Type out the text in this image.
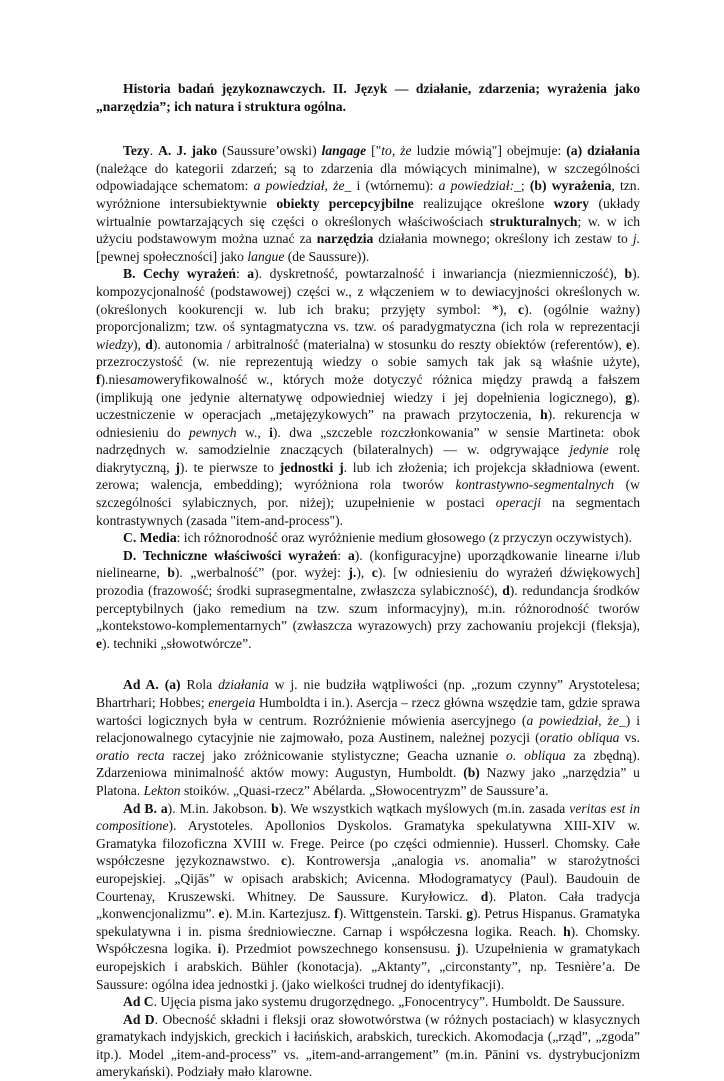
Historia badań językoznawczych. II. Język — działanie, zdarzenia; wyrażenia jako „narzędzia”; ich natura i struktura ogólna.

Tezy. A. J. jako (Saussure’owski) langage ["to, że ludzie mówią"] obejmuje: (a) działania (należące do kategorii zdarzeń; są to zdarzenia dla mówiących minimalne), w szczególności odpowiadające schematom: a powiedział, że_ i (wtórnemu): a powiedział:_; (b) wyrażenia, tzn. wyróżnione intersubiektywnie obiekty percepcyjbilne realizujące określone wzory (układy wirtualnie powtarzających się części o określonych właściwościach strukturalnych; w. w ich użyciu podstawowym można uznać za narzędzia działania mownego; określony ich zestaw to j. [pewnej społeczności] jako langue (de Saussure)).

B. Cechy wyrażeń: a). dyskretność, powtarzalność i inwariancja (niezmienniczość), b). kompozycjonalność (podstawowej) części w., z włączeniem w to dewiacyjności określonych w. (określonych kookurencji w. lub ich braku; przyjęty symbol: *), c). (ogólnie ważny) proporcjonalizm; tzw. oś syntagmatyczna vs. tzw. oś paradygmatyczna (ich rola w reprezentacji wiedzy), d). autonomia / arbitralność (materialna) w stosunku do reszty obiektów (referentów), e). przezroczystość (w. nie reprezentują wiedzy o sobie samych tak jak są właśnie użyte), f).niesamoweryfikowalność w., których może dotyczyć różnica między prawdą a fałszem (implikują one jedynie alternatywę odpowiedniej wiedzy i jej dopełnienia logicznego), g). uczestniczenie w operacjach „metajęzykowych” na prawach przytoczenia, h). rekurencja w odniesieniu do pewnych w., i). dwa „szczeble rozczłonkowania” w sensie Martineta: obok nadrzędnych w. samodzielnie znaczących (bilateralnych) — w. odgrywające jedynie rolę diakrytyczną, j). te pierwsze to jednostki j. lub ich złożenia; ich projekcja składniowa (ewent. zerowa; walencja, embedding); wyróżniona rola tworów kontrastywno-segmentalnych (w szczególności sylabicznych, por. niżej); uzupełnienie w postaci operacji na segmentach kontrastywnych (zasada "item-and-process").

C. Media: ich różnorodność oraz wyróżnienie medium głosowego (z przyczyn oczywistych).

D. Techniczne właściwości wyrażeń: a). (konfiguracyjne) uporządkowanie linearne i/lub nielinearne, b). „werbalność” (por. wyżej: j.), c). [w odniesieniu do wyrażeń dźwiękowych] prozodia (frazowość; środki suprasegmentalne, zwłaszcza sylabiczność), d). redundancja środków perceptybilnych (jako remedium na tzw. szum informacyjny), m.in. różnorodność tworów „kontekstowo-komplementarnych” (zwłaszcza wyrazowych) przy zachowaniu projekcji (fleksja), e). techniki „słowotwórcze”.

Ad A. (a) Rola działania w j. nie budziła wątpliwości (np. „rozum czynny” Arystotelesa; Bhartrhari; Hobbes; energeia Humboldta i in.). Asercja – rzecz główna wszędzie tam, gdzie sprawa wartości logicznych była w centrum. Rozróżnienie mówienia asercyjnego (a powiedział, że_) i relacjonowalnego cytacyjnie nie zajmowało, poza Austinem, należnej pozycji (oratio obliqua vs. oratio recta raczej jako zróżnicowanie stylistyczne; Geacha uznanie o. obliqua za zbędną). Zdarzeniowa minimalność aktów mowy: Augustyn, Humboldt. (b) Nazwy jako „narzędzia” u Platona. Lekton stoików. „Quasi-rzecz” Abélarda. „Słowocentryzm” de Saussure’a.

Ad B. a). M.in. Jakobson. b). We wszystkich wątkach myślowych (m.in. zasada veritas est in compositione). Arystoteles. Apollonios Dyskolos. Gramatyka spekulatywna XIII-XIV w. Gramatyka filozoficzna XVIII w. Frege. Peirce (po części odmiennie). Husserl. Chomsky. Całe współczesne językoznawstwo. c). Kontrowersja „analogia vs. anomalia” w starożytności europejskiej. „Qijās” w opisach arabskich; Avicenna. Młodogramatycy (Paul). Baudouin de Courtenay, Kruszewski. Whitney. De Saussure. Kuryłowicz. d). Platon. Cała tradycja „konwencjonalizmu”. e). M.in. Kartezjusz. f). Wittgenstein. Tarski. g). Petrus Hispanus. Gramatyka spekulatywna i in. pisma średniowieczne. Carnap i współczesna logika. Reach. h). Chomsky. Współczesna logika. i). Przedmiot powszechnego konsensusu. j). Uzupełnienia w gramatykach europejskich i arabskich. Bühler (konotacja). „Aktanty”, „circonstanty”, np. Tesnière’a. De Saussure: ogólna idea jednostki j. (jako wielkości trudnej do identyfikacji).

Ad C. Ujęcia pisma jako systemu drugorzędnego. „Fonocentrycy”. Humboldt. De Saussure.

Ad D. Obecność składni i fleksji oraz słowotwórstwa (w różnych postaciach) w klasycznych gramatykach indyjskich, greckich i łacińskich, arabskich, tureckich. Akomodacja („rząd”, „zgoda” itp.). Model „item-and-process” vs. „item-and-arrangement” (m.in. Pānini vs. dystrybucjonizm amerykański). Podziały mało klarowne.
